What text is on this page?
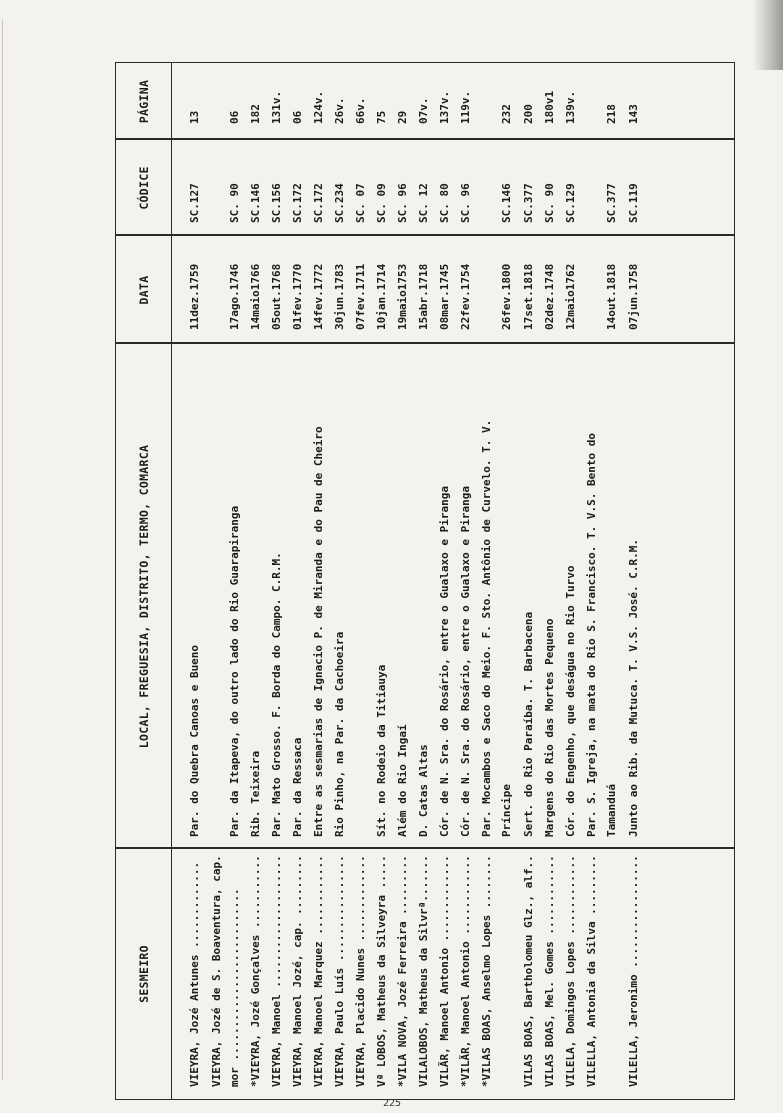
SESMEIRO
LOCAL, FREGUESIA, DISTRITO, TERMO, COMARCA
DATA
CÓDICE
PÁGINA
VIEYRA, Jozé Antunes .............
Par. do Quebra Canoas e Bueno
11dez.1759
SC.127
13
VIEYRA, Jozé de S. Boaventura, cap. mor ..........................
Par. da Itapeva, do outro lado do Rio Guarapiranga
17ago.1746
SC. 90
06
*VIEYRA, Jozé Gonçalves ...........
Rib. Teixeira
14maio1766
SC.146
182
VIEYRA, Manoel ....................
Par. Mato Grosso. F. Borda do Campo. C.R.M.
05out.1768
SC.156
131v.
VIEYRA, Manoel Jozé, cap. .........
Par. da Ressaca
01fev.1770
SC.172
06
VIEYRA, Manoel Marquez ............
Entre as sesmarias de Ignacio P. de Miranda e do Pau de Cheiro
14fev.1772
SC.172
124v.
VIEYRA, Paulo Luís ................
Rio Pinho, na Par. da Cachoeira
30jun.1783
SC.234
26v.
VIEYRA, Placido Nunes .............
07fev.1711
SC. 07
66v.
Vª LOBOS, Matheus da Silveyra .....
Sít. no Rodeio da Titiauya
10jan.1714
SC. 09
75
*VILA NOVA, Jozé Ferreira .........
Além do Rio Ingaí
19maio1753
SC. 96
29
VILALOBOS, Matheus da Silvrª.......
D. Catas Altas
15abr.1718
SC. 12
07v.
VILÃR, Manoel Antonio .............
Cór. de N. Sra. do Rosário, entre o Gualaxo e Piranga
08mar.1745
SC. 80
137v.
*VILÃR, Manoel Antonio ............
Cór. de N. Sra. do Rosário, entre o Gualaxo e Piranga
22fev.1754
SC. 96
119v.
*VILAS BOAS, Anselmo Lopes ........
Par. Mocambos e Saco do Meio. F. Sto. Antônio de Curvelo. T. V. Príncipe
26fev.1800
SC.146
232
VILAS BOAS, Bartholomeu Glz., alf..
Sert. do Rio Paraíba. T. Barbacena
17set.1818
SC.377
200
VILAS BOAS, Mel. Gomes ............
Margens do Rio das Mortes Pequeno
02dez.1748
SC. 90
180v1
VILELA, Domingos Lopes ............
Cór. do Engenho, que deságua no Rio Turvo
12maio1762
SC.129
139v.
VILELLA, Antonia da Silva .........
Par. S. Igreja, na mata do Rio S. Francisco. T. V.S. Bento do Tamanduá
14out.1818
SC.377
218
VILELLA, Jeronimo .................
Junto ao Rib. da Mutuca. T. V.S. José. C.R.M.
07jun.1758
SC.119
143
225
